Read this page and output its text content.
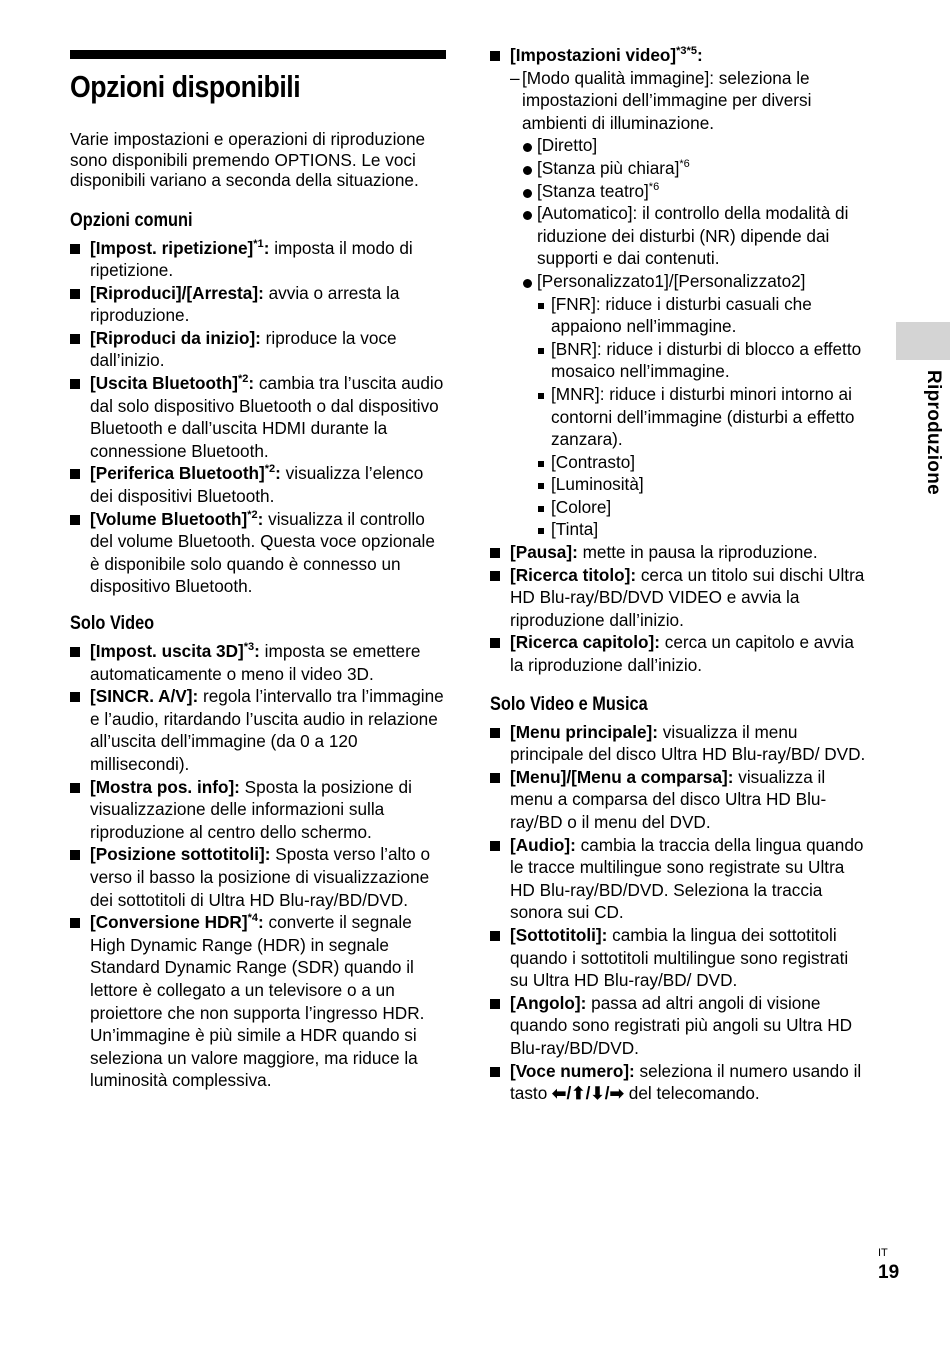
Opzioni disponibili

Varie impostazioni e operazioni di riproduzione sono disponibili premendo OPTIONS. Le voci disponibili variano a seconda della situazione.

Opzioni comuni
[Impost. ripetizione]$^{*1}$: imposta il modo di ripetizione.
[Riproduci]/[Arresta]: avvia o arresta la riproduzione.
[Riproduci da inizio]: riproduce la voce dall’inizio.
[Uscita Bluetooth]$^{*2}$: cambia tra l’uscita audio dal solo dispositivo Bluetooth o dal dispositivo Bluetooth e dall’uscita HDMI durante la connessione Bluetooth.
[Periferica Bluetooth]$^{*2}$: visualizza l’elenco dei dispositivi Bluetooth.
[Volume Bluetooth]$^{*2}$: visualizza il controllo del volume Bluetooth. Questa voce opzionale è disponibile solo quando è connesso un dispositivo Bluetooth.
Solo Video
[Impost. uscita 3D]$^{*3}$: imposta se emettere automaticamente o meno il video 3D.
[SINCR. A/V]: regola l’intervallo tra l’immagine e l’audio, ritardando l’uscita audio in relazione all’uscita dell’immagine (da 0 a 120 millisecondi).
[Mostra pos. info]: Sposta la posizione di visualizzazione delle informazioni sulla riproduzione al centro dello schermo.
[Posizione sottotitoli]: Sposta verso l’alto o verso il basso la posizione di visualizzazione dei sottotitoli di Ultra HD Blu-ray/BD/DVD.
[Conversione HDR]$^{*4}$: converte il segnale High Dynamic Range (HDR) in segnale Standard Dynamic Range (SDR) quando il lettore è collegato a un televisore o a un proiettore che non supporta l’ingresso HDR. Un’immagine è più simile a HDR quando si seleziona un valore maggiore, ma riduce la luminosità complessiva.
[Impostazioni video]$^{*3*5}$:
– [Modo qualità immagine]: seleziona le impostazioni dell’immagine per diversi ambienti di illuminazione.
[Diretto]
[Stanza più chiara]$^{*6}$
[Stanza teatro]$^{*6}$
[Automatico]: il controllo della modalità di riduzione dei disturbi (NR) dipende dai supporti e dai contenuti.
[Personalizzato1]/[Personalizzato2]
[FNR]: riduce i disturbi casuali che appaiono nell’immagine.
[BNR]: riduce i disturbi di blocco a effetto mosaico nell’immagine.
[MNR]: riduce i disturbi minori intorno ai contorni dell’immagine (disturbi a effetto zanzara).
[Contrasto]
[Luminosità]
[Colore]
[Tinta]
[Pausa]: mette in pausa la riproduzione.
[Ricerca titolo]: cerca un titolo sui dischi Ultra HD Blu-ray/BD/DVD VIDEO e avvia la riproduzione dall’inizio.
[Ricerca capitolo]: cerca un capitolo e avvia la riproduzione dall’inizio.
Solo Video e Musica
[Menu principale]: visualizza il menu principale del disco Ultra HD Blu-ray/BD/ DVD.
[Menu]/[Menu a comparsa]: visualizza il menu a comparsa del disco Ultra HD Blu-ray/BD o il menu del DVD.
[Audio]: cambia la traccia della lingua quando le tracce multilingue sono registrate su Ultra HD Blu-ray/BD/DVD. Seleziona la traccia sonora sui CD.
[Sottotitoli]: cambia la lingua dei sottotitoli quando i sottotitoli multilingue sono registrati su Ultra HD Blu-ray/BD/ DVD.
[Angolo]: passa ad altri angoli di visione quando sono registrati più angoli su Ultra HD Blu-ray/BD/DVD.
[Voce numero]: seleziona il numero usando il tasto ⬅/⬆/⬇/➡ del telecomando.
Riproduzione
IT
19
